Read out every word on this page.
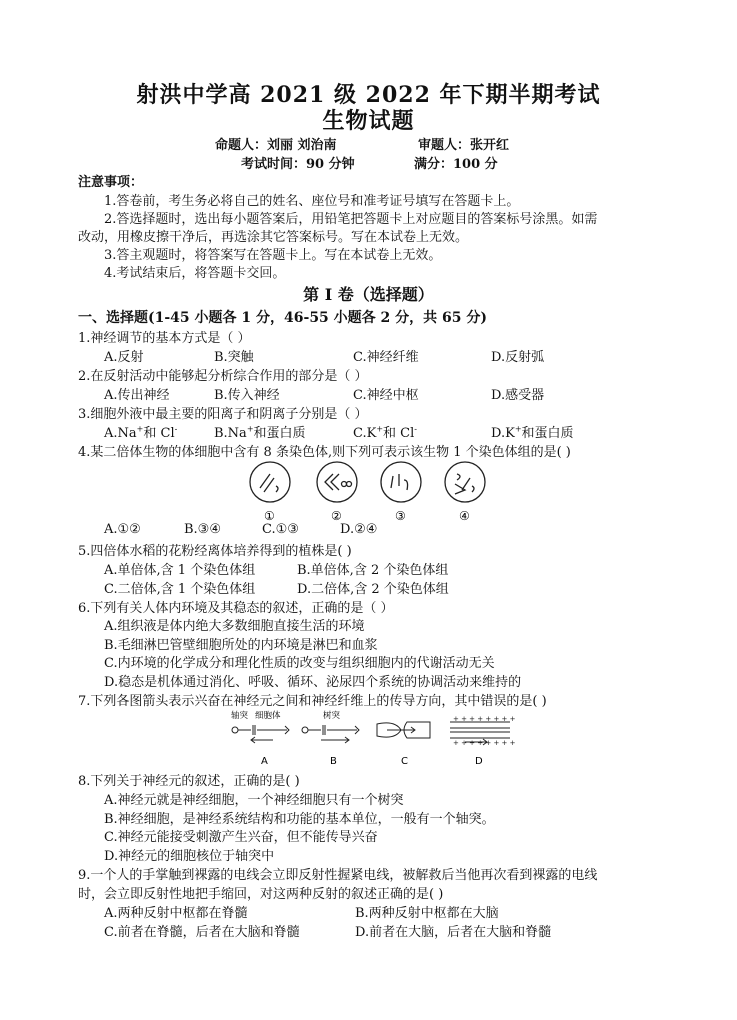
射洪中学高 2021 级 2022 年下期半期考试
生物试题
命题人：刘丽 刘治南	审题人：张开红
考试时间：90 分钟	满分：100 分
注意事项：
1.答卷前，考生务必将自己的姓名、座位号和准考证号填写在答题卡上。
2.答选择题时，选出每小题答案后，用铅笔把答题卡上对应题目的答案标号涂黑。如需
改动，用橡皮擦干净后，再选涂其它答案标号。写在本试卷上无效。
3.答主观题时，将答案写在答题卡上。写在本试卷上无效。
4.考试结束后，将答题卡交回。
第 I 卷（选择题）
一、选择题(1-45 小题各 1 分，46-55 小题各 2 分，共 65 分)
1.神经调节的基本方式是（ ）
A.反射	B.突触	C.神经纤维	D.反射弧
2.在反射活动中能够起分析综合作用的部分是（ ）
A.传出神经	B.传入神经	C.神经中枢	D.感受器
3.细胞外液中最主要的阳离子和阴离子分别是（ ）
A.Na+和 Cl-	B.Na+和蛋白质	C.K+和 Cl-	D.K+和蛋白质
4.某二倍体生物的体细胞中含有 8 条染色体,则下列可表示该生物 1 个染色体组的是( )
①	②	③	④
A.①②	B.③④	C.①③	D.②④
5.四倍体水稻的花粉经离体培养得到的植株是( )
A.单倍体,含 1 个染色体组	B.单倍体,含 2 个染色体组
C.二倍体,含 1 个染色体组	D.二倍体,含 2 个染色体组
6.下列有关人体内环境及其稳态的叙述，正确的是（ ）
A.组织液是体内绝大多数细胞直接生活的环境
B.毛细淋巴管壁细胞所处的内环境是淋巴和血浆
C.内环境的化学成分和理化性质的改变与组织细胞内的代谢活动无关
D.稳态是机体通过消化、呼吸、循环、泌尿四个系统的协调活动来维持的
7.下列各图箭头表示兴奋在神经元之间和神经纤维上的传导方向，其中错误的是( )
轴突 细胞体	树突	+ + + + + + + +
+ + + + + + + +
A	B	C	D
8.下列关于神经元的叙述，正确的是( )
A.神经元就是神经细胞，一个神经细胞只有一个树突
B.神经细胞，是神经系统结构和功能的基本单位，一般有一个轴突。
C.神经元能接受刺激产生兴奋，但不能传导兴奋
D.神经元的细胞核位于轴突中
9.一个人的手掌触到裸露的电线会立即反射性握紧电线，被解救后当他再次看到裸露的电线
时，会立即反射性地把手缩回，对这两种反射的叙述正确的是( )
A.两种反射中枢都在脊髓	B.两种反射中枢都在大脑
C.前者在脊髓，后者在大脑和脊髓	D.前者在大脑，后者在大脑和脊髓
